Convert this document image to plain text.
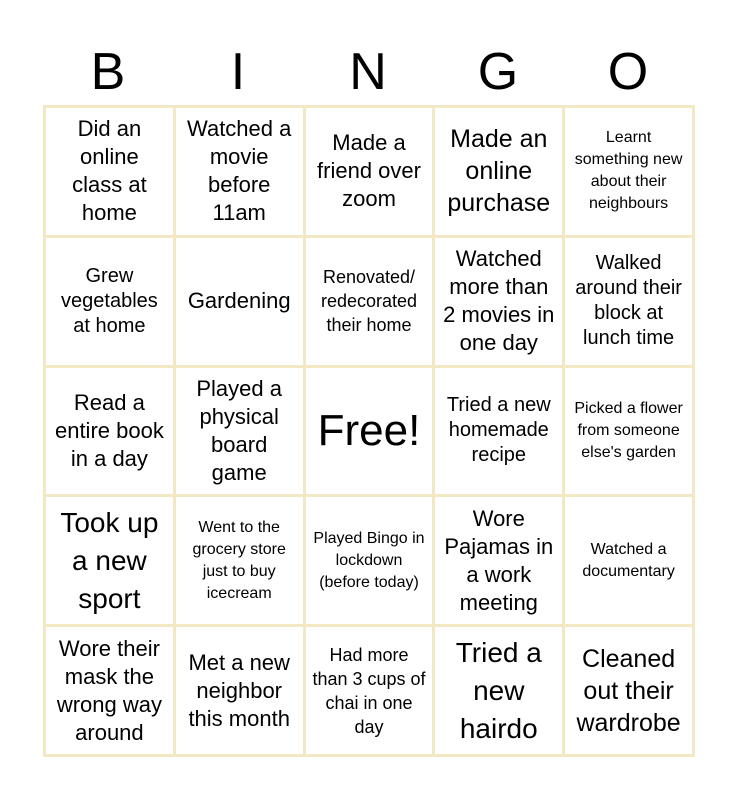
B	I	N	G	O
Did an online class at home
Watched a movie before 11am
Made a friend over zoom
Made an online purchase
Learnt something new about their neighbours
Grew vegetables at home
Gardening
Renovated/ redecorated their home
Watched more than 2 movies in one day
Walked around their block at lunch time
Read a entire book in a day
Played a physical board game
Free!
Tried a new homemade recipe
Picked a flower from someone else's garden
Took up a new sport
Went to the grocery store just to buy icecream
Played Bingo in lockdown (before today)
Wore Pajamas in a work meeting
Watched a documentary
Wore their mask the wrong way around
Met a new neighbor this month
Had more than 3 cups of chai in one day
Tried a new hairdo
Cleaned out their wardrobe
